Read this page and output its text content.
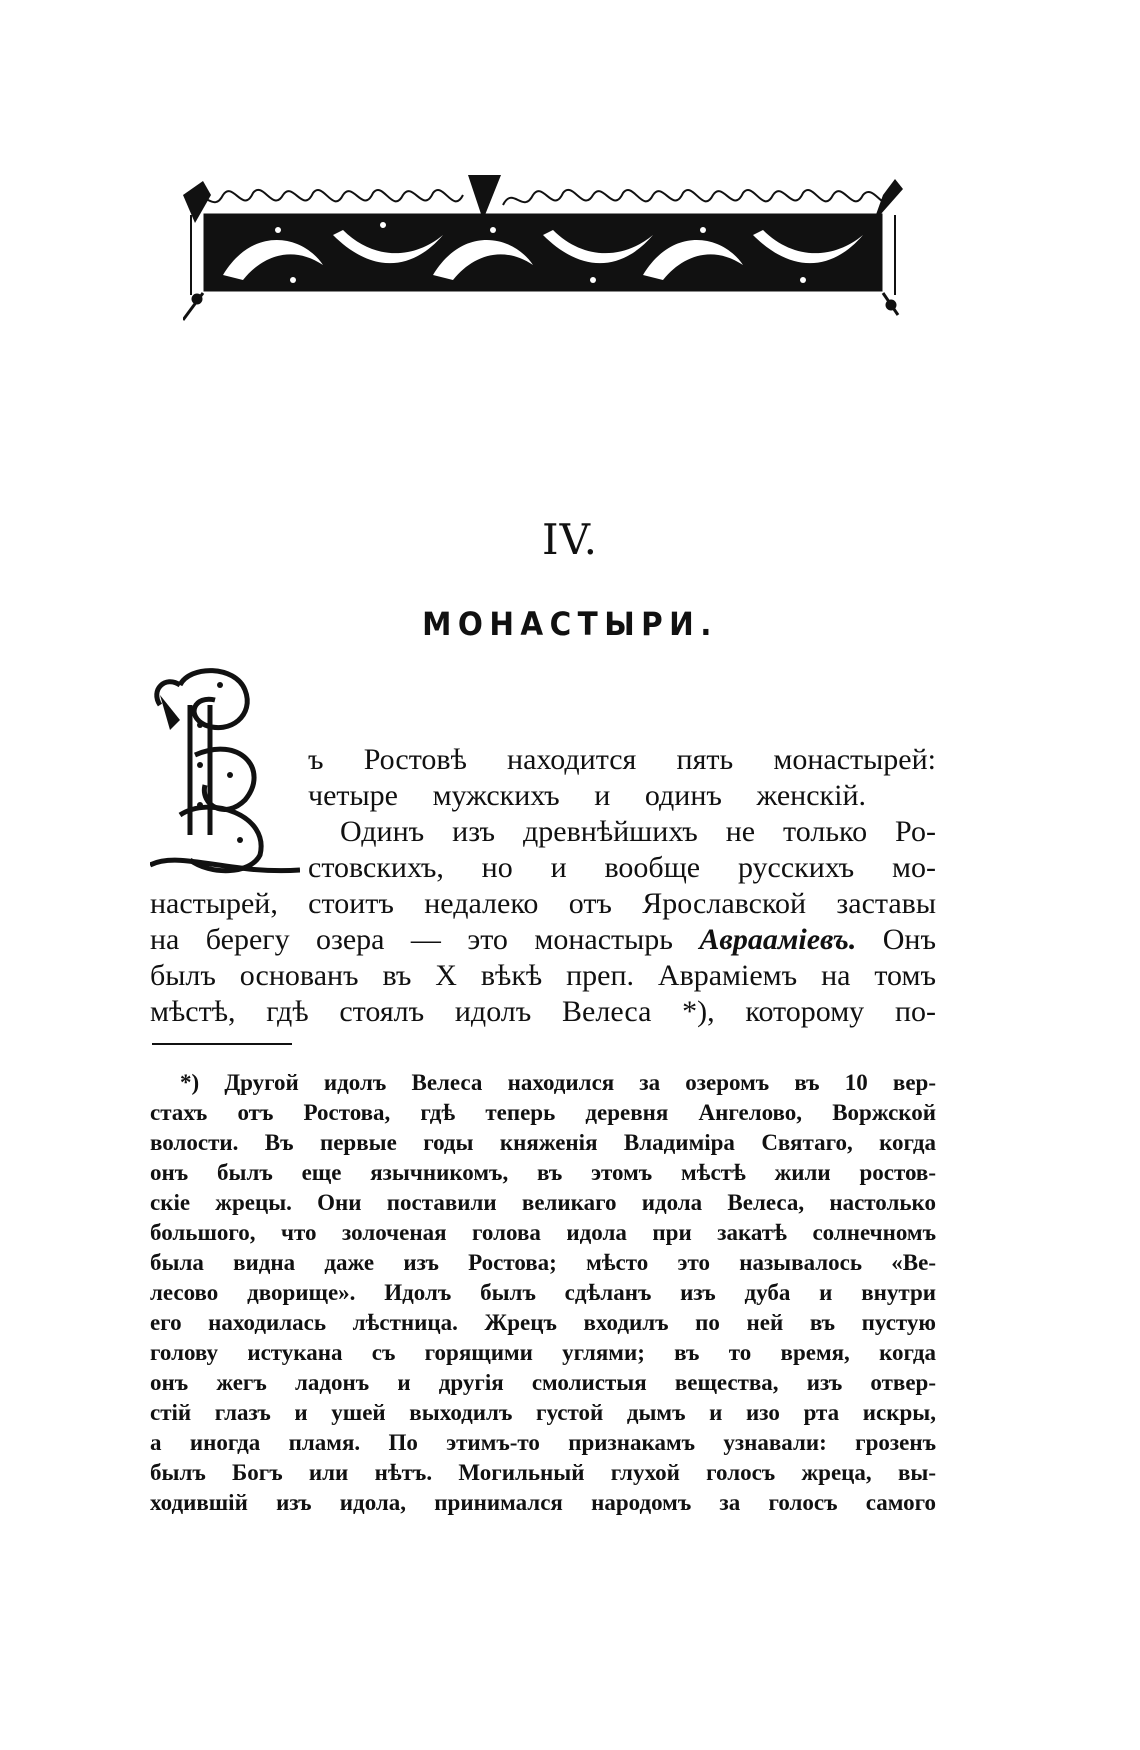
IV.
МОНАСТЫРИ.
ъ Ростовѣ находится пять монастырей:
четыре мужскихъ и одинъ женскій.
Одинъ изъ древнѣйшихъ не только Ро-
стовскихъ, но и вообще русскихъ мо-
настырей, стоитъ недалеко отъ Ярославской заставы
на берегу озера — это монастырь Авраамiевъ. Онъ
былъ основанъ въ X вѣкѣ преп. Авраміемъ на томъ
мѣстѣ, гдѣ стоялъ идолъ Велеса *), которому по-
*) Другой идолъ Велеса находился за озеромъ въ 10 вер-
стахъ отъ Ростова, гдѣ теперь деревня Ангелово, Воржской
волости. Въ первые годы княженія Владиміра Святаго, когда
онъ былъ еще язычникомъ, въ этомъ мѣстѣ жили ростов-
скіе жрецы. Они поставили великаго идола Велеса, настолько
большого, что золоченая голова идола при закатѣ солнечномъ
была видна даже изъ Ростова; мѣсто это называлось «Ве-
лесово дворище». Идолъ былъ сдѣланъ изъ дуба и внутри
его находилась лѣстница. Жрецъ входилъ по ней въ пустую
голову истукана съ горящими углями; въ то время, когда
онъ жегъ ладонъ и другія смолистыя вещества, изъ отвер-
стій глазъ и ушей выходилъ густой дымъ и изо рта искры,
а иногда пламя. По этимъ-то признакамъ узнавали: грозенъ
былъ Богъ или нѣтъ. Могильный глухой голосъ жреца, вы-
ходившій изъ идола, принимался народомъ за голосъ самого
